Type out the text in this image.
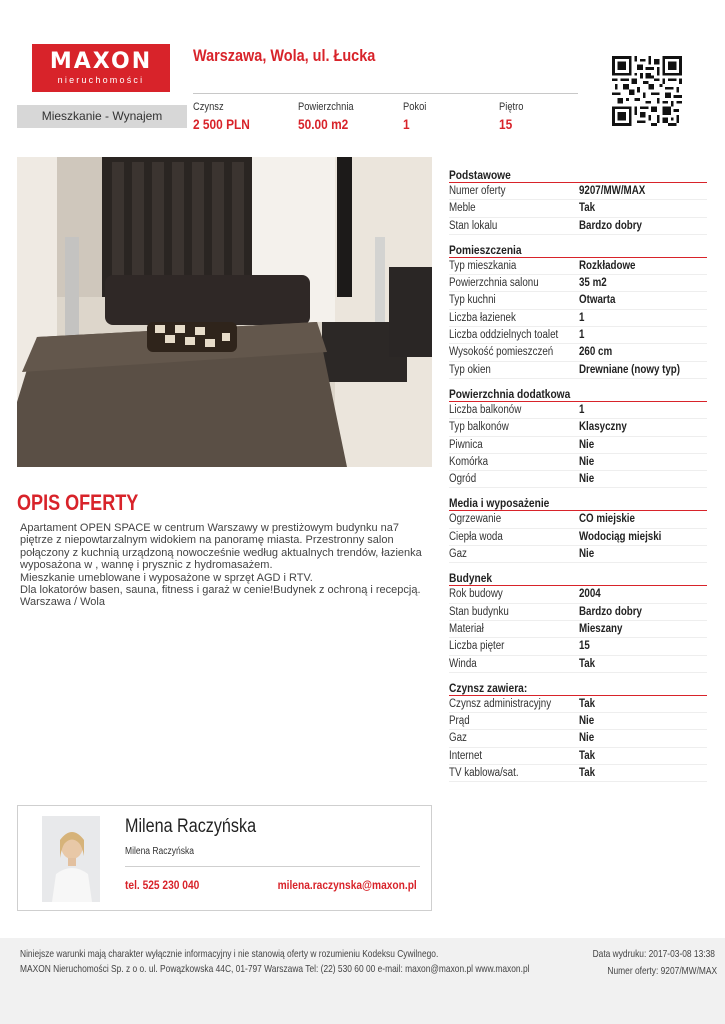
MAXON
nieruchomości
Warszawa, Wola, ul. Łucka
Mieszkanie - Wynajem
Czynsz
2 500 PLN
Powierzchnia
50.00 m2
Pokoi
1
Piętro
15
OPIS OFERTY

Apartament OPEN SPACE w centrum Warszawy w prestiżowym budynku na7 piętrze z niepowtarzalnym widokiem na panoramę miasta. Przestronny salon połączony z kuchnią urządzoną nowocześnie według aktualnych trendów, łazienka wyposażona w , wannę i prysznic z hydromasażem.
Mieszkanie umeblowane i wyposażone w sprzęt AGD i RTV.
Dla lokatorów basen, sauna, fitness i garaż w cenie!Budynek z ochroną i recepcją.
Warszawa / Wola

Podstawowe
Numer oferty	9207/MW/MAX
Meble	Tak
Stan lokalu	Bardzo dobry
Pomieszczenia
Typ mieszkania	Rozkładowe
Powierzchnia salonu	35 m2
Typ kuchni	Otwarta
Liczba łazienek	1
Liczba oddzielnych toalet 1
Wysokość pomieszczeń 260 cm
Typ okien	Drewniane (nowy typ)
Powierzchnia dodatkowa
Liczba balkonów	1
Typ balkonów	Klasyczny
Piwnica	Nie
Komórka	Nie
Ogród	Nie
Media i wyposażenie
Ogrzewanie	CO miejskie
Ciepła woda	Wodociąg miejski
Gaz	Nie
Budynek
Rok budowy	2004
Stan budynku	Bardzo dobry
Materiał	Mieszany
Liczba pięter	15
Winda	Tak
Czynsz zawiera:
Czynsz administracyjny Tak
Prąd	Nie
Gaz	Nie
Internet	Tak
TV kablowa/sat.	Tak
Milena Raczyńska
Milena Raczyńska
tel. 525 230 040	milena.raczynska@maxon.pl
Niniejsze warunki mają charakter wyłącznie informacyjny i nie stanowią oferty w rozumieniu Kodeksu Cywilnego.
MAXON Nieruchomości Sp. z o o. ul. Powązkowska 44C, 01-797 Warszawa Tel: (22) 530 60 00 e-mail: maxon@maxon.pl www.maxon.pl
Data wydruku: 2017-03-08 13:38
Numer oferty: 9207/MW/MAX
